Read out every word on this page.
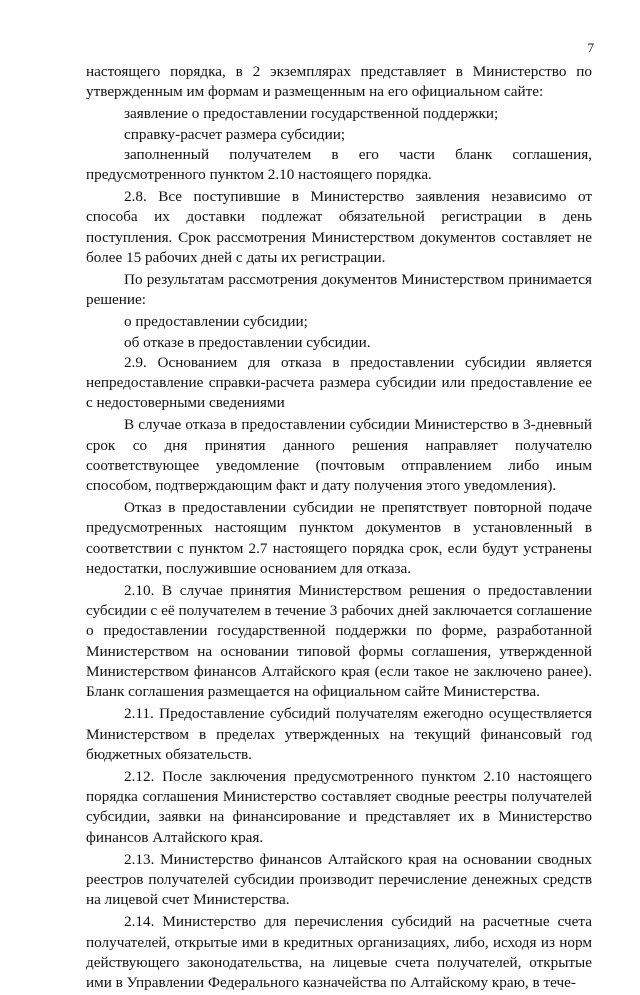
7

настоящего порядка, в 2 экземплярах представляет в Министерство по утвержденным им формам и размещенным на его официальном сайте:

заявление о предоставлении государственной поддержки;

справку-расчет размера субсидии;

заполненный получателем в его части бланк соглашения, предусмотренного пунктом 2.10 настоящего порядка.

2.8. Все поступившие в Министерство заявления независимо от способа их доставки подлежат обязательной регистрации в день поступления. Срок рассмотрения Министерством документов составляет не более 15 рабочих дней с даты их регистрации.

По результатам рассмотрения документов Министерством принимается решение:

о предоставлении субсидии;

об отказе в предоставлении субсидии.

2.9. Основанием для отказа в предоставлении субсидии является непредоставление справки-расчета размера субсидии или предоставление ее с недостоверными сведениями

В случае отказа в предоставлении субсидии Министерство в 3-дневный срок со дня принятия данного решения направляет получателю соответствующее уведомление (почтовым отправлением либо иным способом, подтверждающим факт и дату получения этого уведомления).

Отказ в предоставлении субсидии не препятствует повторной подаче предусмотренных настоящим пунктом документов в установленный в соответствии с пунктом 2.7 настоящего порядка срок, если будут устранены недостатки, послужившие основанием для отказа.

2.10. В случае принятия Министерством решения о предоставлении субсидии с её получателем в течение 3 рабочих дней заключается соглашение о предоставлении государственной поддержки по форме, разработанной Министерством на основании типовой формы соглашения, утвержденной Министерством финансов Алтайского края (если такое не заключено ранее). Бланк соглашения размещается на официальном сайте Министерства.

2.11. Предоставление субсидий получателям ежегодно осуществляется Министерством в пределах утвержденных на текущий финансовый год бюджетных обязательств.

2.12. После заключения предусмотренного пунктом 2.10 настоящего порядка соглашения Министерство составляет сводные реестры получателей субсидии, заявки на финансирование и представляет их в Министерство финансов Алтайского края.

2.13. Министерство финансов Алтайского края на основании сводных реестров получателей субсидии производит перечисление денежных средств на лицевой счет Министерства.

2.14. Министерство для перечисления субсидий на расчетные счета получателей, открытые ими в кредитных организациях, либо, исходя из норм действующего законодательства, на лицевые счета получателей, открытые ими в Управлении Федерального казначейства по Алтайскому краю, в тече-
